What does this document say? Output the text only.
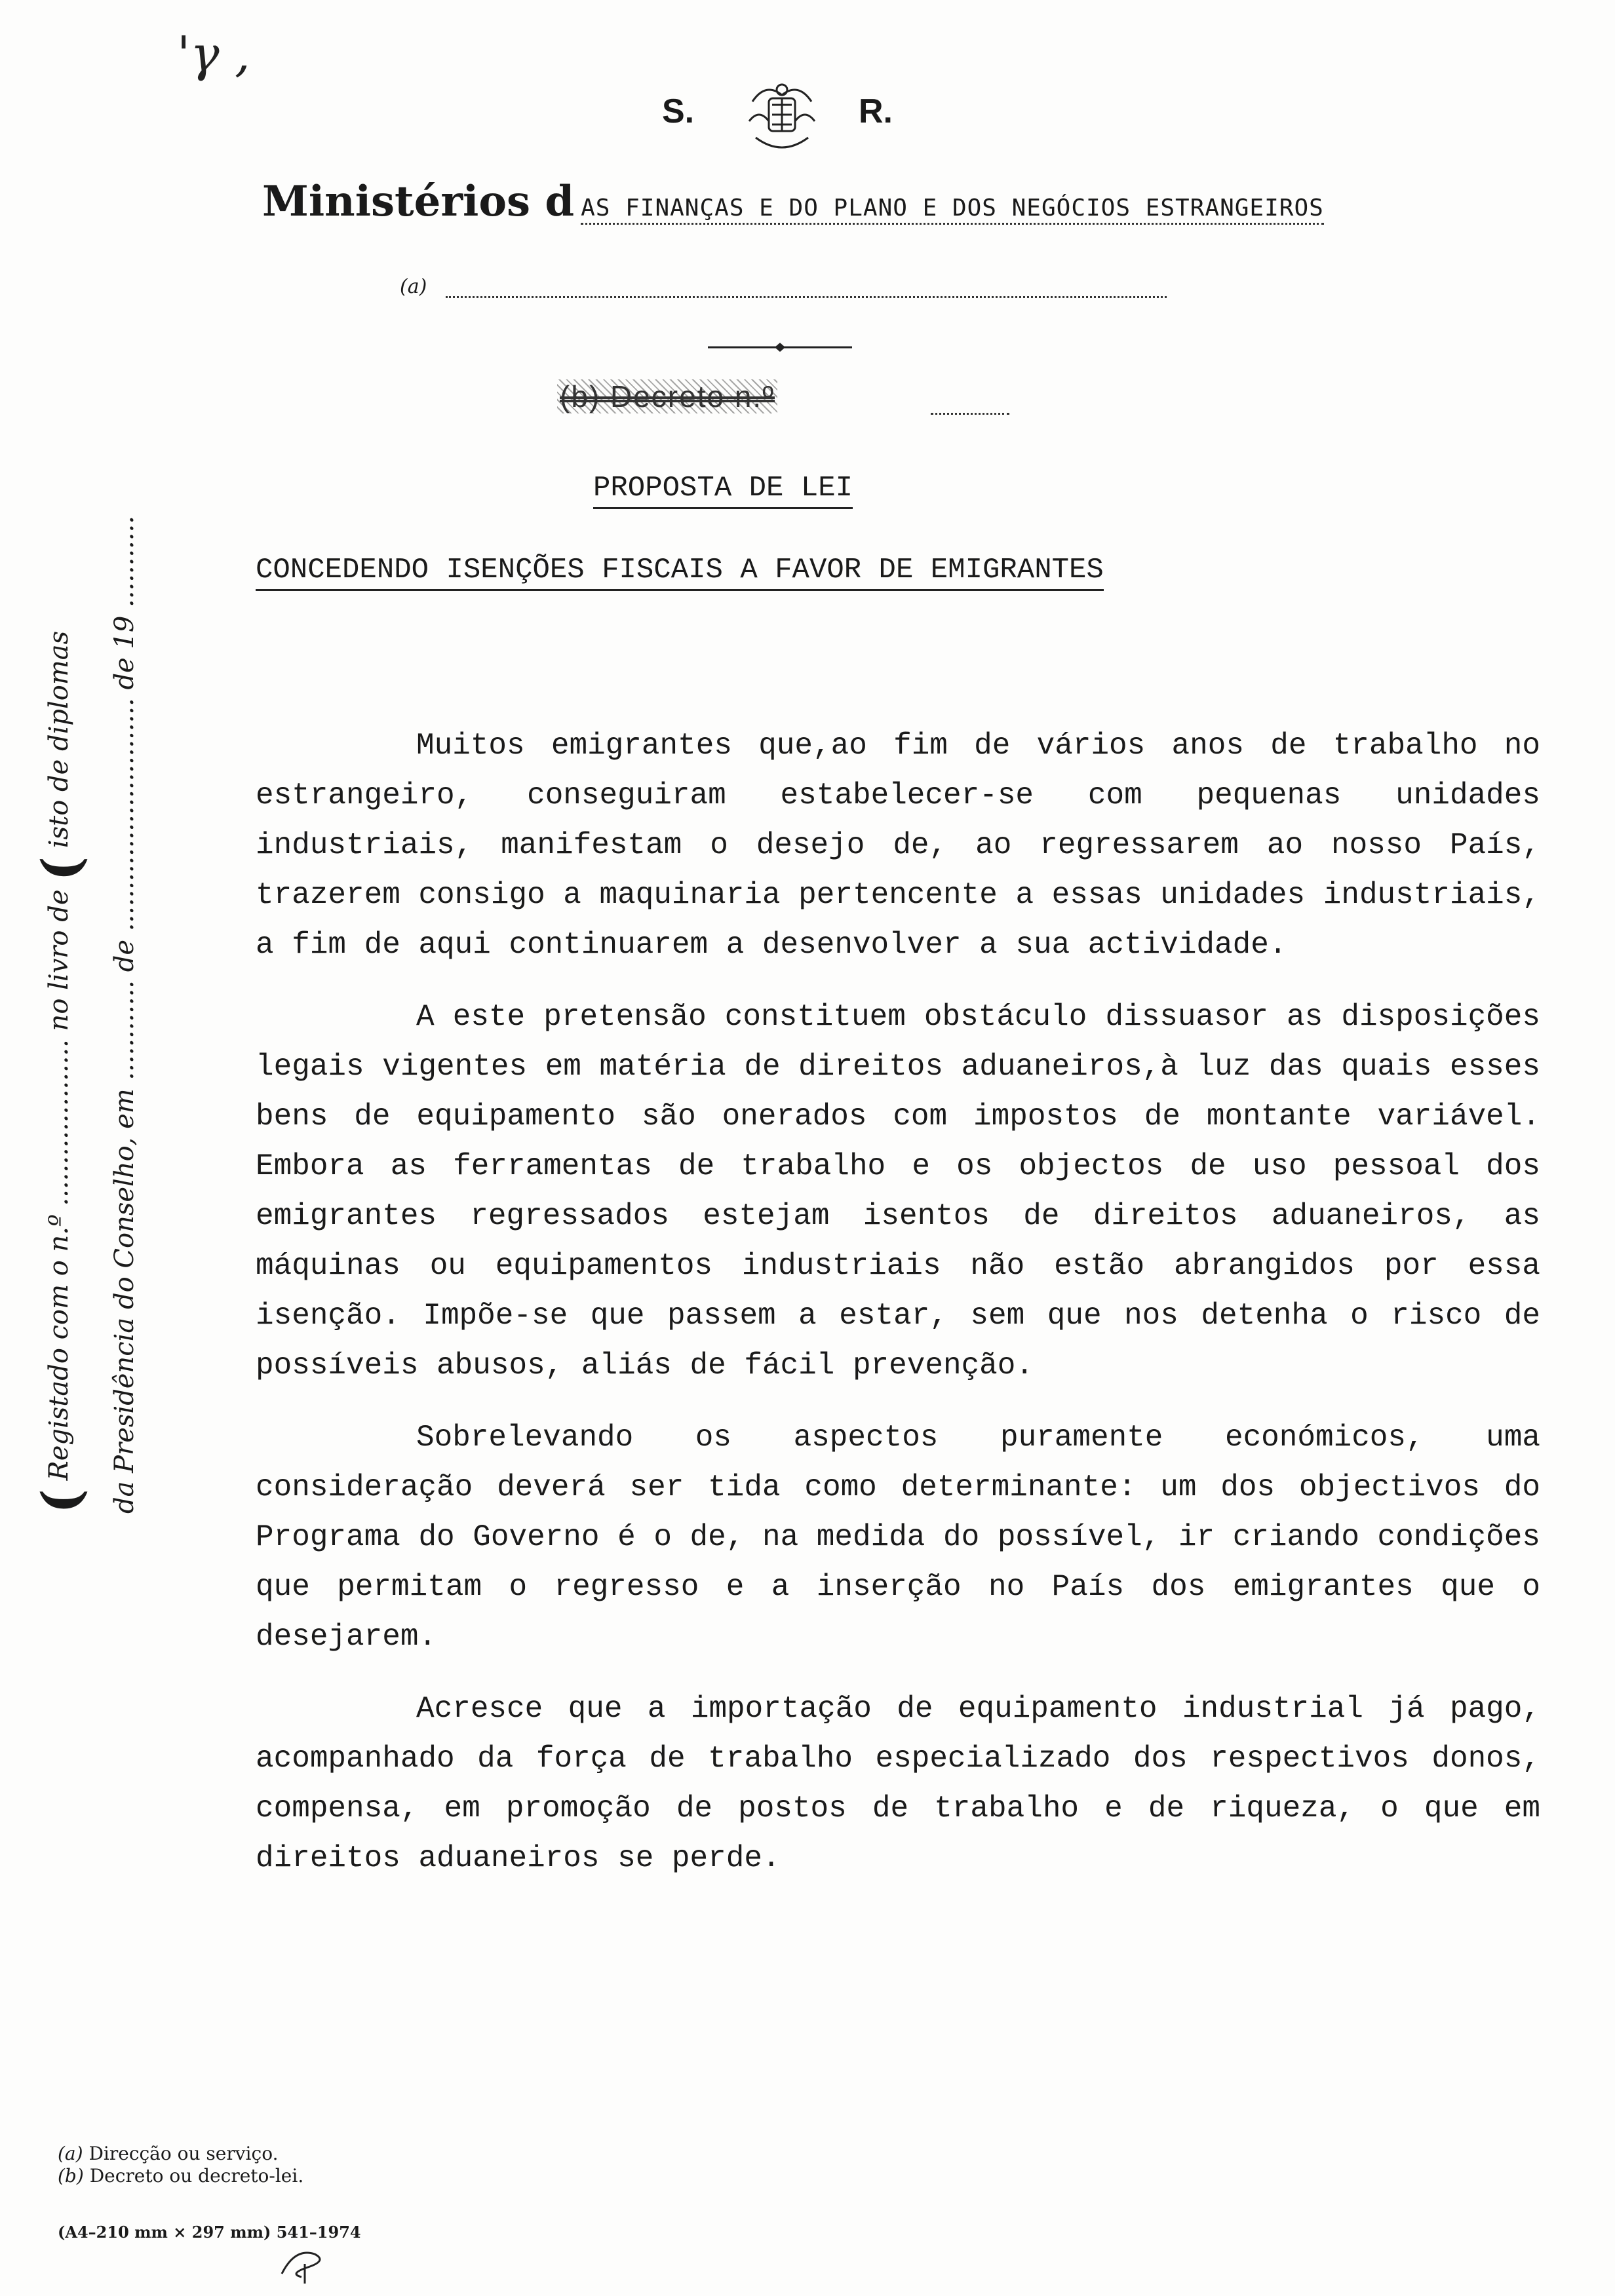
'γ ,
S.	R.
Ministérios d AS FINANÇAS E DO PLANO E DOS NEGÓCIOS ESTRANGEIROS
(a)
(b) Decreto n.º
PROPOSTA DE LEI
CONCEDENDO ISENÇÕES FISCAIS A FAVOR DE EMIGRANTES
( Registado com o n.º .................... no livro de ( isto de diplomas	da Presidência do Conselho, em ............ de ............................ de 19 ...........	Muitos emigrantes que,ao fim de vários anos de trabalho no estrangeiro, conseguiram estabelecer-se com pequenas unidades industriais, manifestam o desejo de, ao regressarem ao nosso País, trazerem consigo a maquinaria pertencente a essas unidades industriais, a fim de aqui continuarem a desenvolver a sua actividade.

A este pretensão constituem obstáculo dissuasor as disposições legais vigentes em matéria de direitos aduaneiros,à luz das quais esses bens de equipamento são onerados com impostos de montante variável. Embora as ferramentas de trabalho e os objectos de uso pessoal dos emigrantes regressados estejam isentos de direitos aduaneiros, as máquinas ou equipamentos industriais não estão abrangidos por essa isenção. Impõe-se que passem a estar, sem que nos detenha o risco de possíveis abusos, aliás de fácil prevenção.

Sobrelevando os aspectos puramente económicos, uma consideração deverá ser tida como determinante: um dos objectivos do Programa do Governo é o de, na medida do possível, ir criando condições que permitam o regresso e a inserção no País dos emigrantes que o desejarem.

Acresce que a importação de equipamento industrial já pago, acompanhado da força de trabalho especializado dos respectivos donos, compensa, em promoção de postos de trabalho e de riqueza, o que em direitos aduaneiros se perde.

(a) Direcção ou serviço.
(b) Decreto ou decreto-lei.
(A4–210 mm × 297 mm) 541–1974
